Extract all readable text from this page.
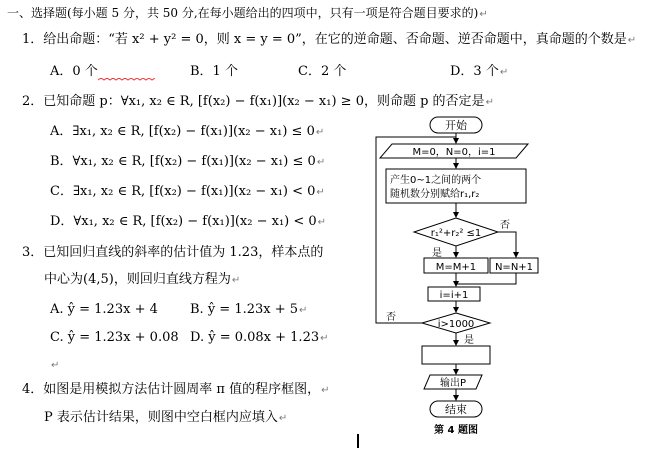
一、选择题(每小题 5 分，共 50 分,在每小题给出的四项中，只有一项是符合题目要求的)↵
1．给出命题：“若 x² + y² = 0，则 x = y = 0”，在它的逆命题、否命题、逆否命题中，真命题的个数是↵
A．0 个	B．1 个	C．2 个	D．3 个↵
2．已知命题 p：∀x₁, x₂ ∈ R, [f(x₂) − f(x₁)](x₂ − x₁) ≥ 0，则命题 p 的否定是↵
A．∃x₁, x₂ ∈ R, [f(x₂) − f(x₁)](x₂ − x₁) ≤ 0↵
B．∀x₁, x₂ ∈ R, [f(x₂) − f(x₁)](x₂ − x₁) ≤ 0↵
C．∃x₁, x₂ ∈ R, [f(x₂) − f(x₁)](x₂ − x₁) < 0↵
D．∀x₁, x₂ ∈ R, [f(x₂) − f(x₁)](x₂ − x₁) < 0↵
3．已知回归直线的斜率的估计值为 1.23，样本点的
中心为(4,5)，则回归直线方程为↵
A. ŷ = 1.23x + 4 B. ŷ = 1.23x + 5↵
C. ŷ = 1.23x + 0.08 D. ŷ = 0.08x + 1.23↵
↵
4．如图是用模拟方法估计圆周率 π 值的程序框图，↵
P 表示估计结果，则图中空白框内应填入↵
开始
M=0，N=0，i=1
产生0~1之间的两个
随机数分别赋给r₁,r₂
r₁²+r₂² ≤1
是
否
M=M+1 N=N+1
i=i+1
i>1000
否
是
输出P
结束
第 4 题图
